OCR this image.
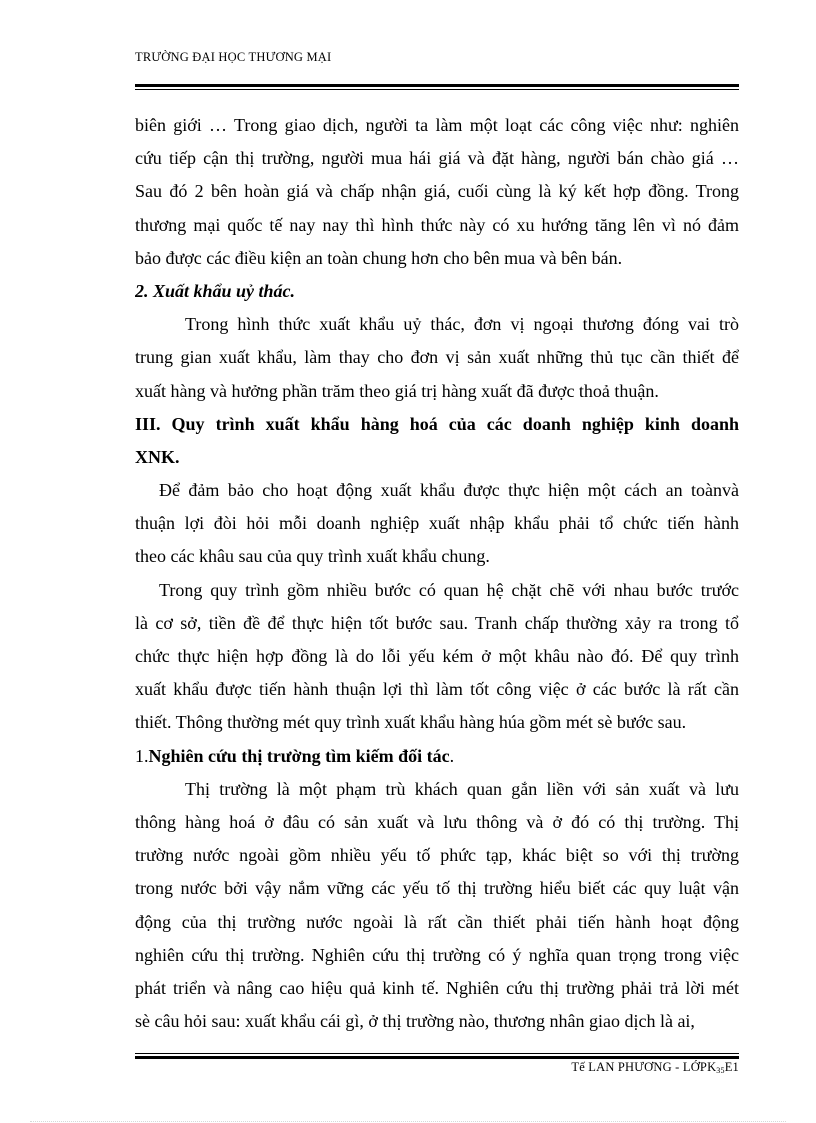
TRƯỜNG ĐẠI HỌC THƯƠNG MẠI
biên giới … Trong giao dịch, người ta làm một loạt các công việc như: nghiên
cứu tiếp cận thị trường, người mua hái giá và đặt hàng, người bán chào giá …
Sau đó 2 bên hoàn giá và chấp nhận giá, cuối cùng là ký kết hợp đồng. Trong
thương mại quốc tế nay nay thì hình thức này có xu hướng tăng lên vì nó đảm
bảo được các điều kiện an toàn chung hơn cho bên mua và bên bán.
2. Xuất khẩu uỷ thác.
Trong hình thức xuất khẩu uỷ thác, đơn vị ngoại thương đóng vai trò
trung gian xuất khẩu, làm thay cho đơn vị sản xuất những thủ tục cần thiết để
xuất hàng và hưởng phần trăm theo giá trị hàng xuất đã được thoả thuận.
III. Quy trình xuất khẩu hàng hoá của các doanh nghiệp kinh doanh
XNK.
Để đảm bảo cho hoạt động xuất khẩu được thực hiện một cách an toànvà
thuận lợi đòi hỏi mỗi doanh nghiệp xuất nhập khẩu phải tổ chức tiến hành
theo các khâu sau của quy trình xuất khẩu chung.
Trong quy trình gồm nhiều bước có quan hệ chặt chẽ với nhau bước trước
là cơ sở, tiền đề để thực hiện tốt bước sau. Tranh chấp thường xảy ra trong tổ
chức thực hiện hợp đồng là do lỗi yếu kém ở một khâu nào đó. Để quy trình
xuất khẩu được tiến hành thuận lợi thì làm tốt công việc ở các bước là rất cần
thiết. Thông thường mét quy trình xuất khẩu hàng húa gồm mét sè bước sau.
1.Nghiên cứu thị trường tìm kiếm đối tác.
Thị trường là một phạm trù khách quan gắn liền với sản xuất và lưu
thông hàng hoá ở đâu có sản xuất và lưu thông và ở đó có thị trường. Thị
trường nước ngoài gồm nhiều yếu tố phức tạp, khác biệt so với thị trường
trong nước bởi vậy nắm vững các yếu tố thị trường hiểu biết các quy luật vận
động của thị trường nước ngoài là rất cần thiết phải tiến hành hoạt động
nghiên cứu thị trường. Nghiên cứu thị trường có ý nghĩa quan trọng trong việc
phát triển và nâng cao hiệu quả kinh tế. Nghiên cứu thị trường phải trả lời mét
sè câu hỏi sau: xuất khẩu cái gì, ở thị trường nào, thương nhân giao dịch là ai,
Tế LAN PHƯƠNG - LỚPK$_{35}$E1
